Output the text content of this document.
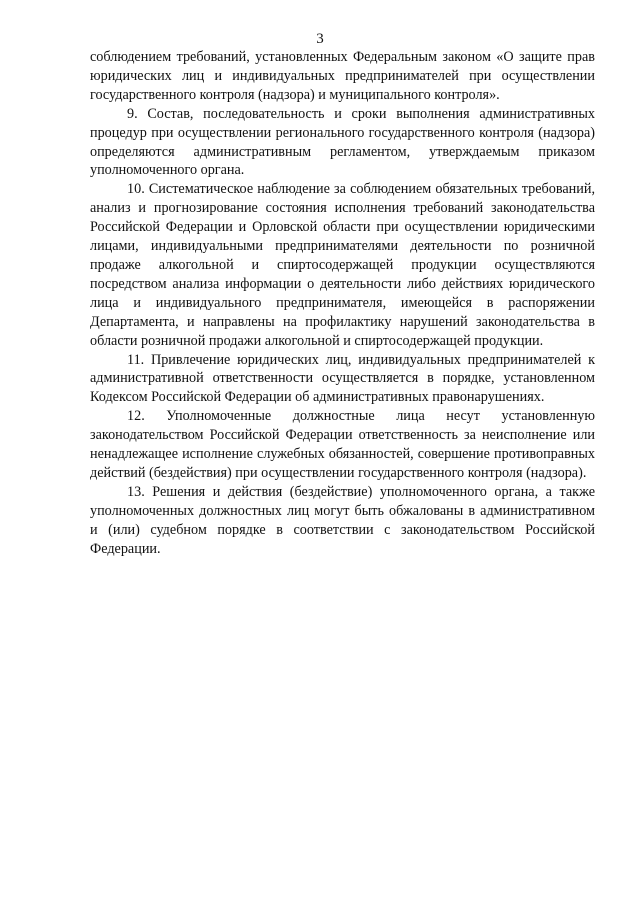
3

соблюдением требований, установленных Федеральным законом «О защите прав юридических лиц и индивидуальных предпринимателей при осуществлении государственного контроля (надзора) и муниципального контроля».

9. Состав, последовательность и сроки выполнения административных процедур при осуществлении регионального государственного контроля (надзора) определяются административным регламентом, утверждаемым приказом уполномоченного органа.

10. Систематическое наблюдение за соблюдением обязательных требований, анализ и прогнозирование состояния исполнения требований законодательства Российской Федерации и Орловской области при осуществлении юридическими лицами, индивидуальными предпринимателями деятельности по розничной продаже алкогольной и спиртосодержащей продукции осуществляются посредством анализа информации о деятельности либо действиях юридического лица и индивидуального предпринимателя, имеющейся в распоряжении Департамента, и направлены на профилактику нарушений законодательства в области розничной продажи алкогольной и спиртосодержащей продукции.

11. Привлечение юридических лиц, индивидуальных предпринимателей к административной ответственности осуществляется в порядке, установленном Кодексом Российской Федерации об административных правонарушениях.

12. Уполномоченные должностные лица несут установленную законодательством Российской Федерации ответственность за неисполнение или ненадлежащее исполнение служебных обязанностей, совершение противоправных действий (бездействия) при осуществлении государственного контроля (надзора).

13. Решения и действия (бездействие) уполномоченного органа, а также уполномоченных должностных лиц могут быть обжалованы в административном и (или) судебном порядке в соответствии с законодательством Российской Федерации.
